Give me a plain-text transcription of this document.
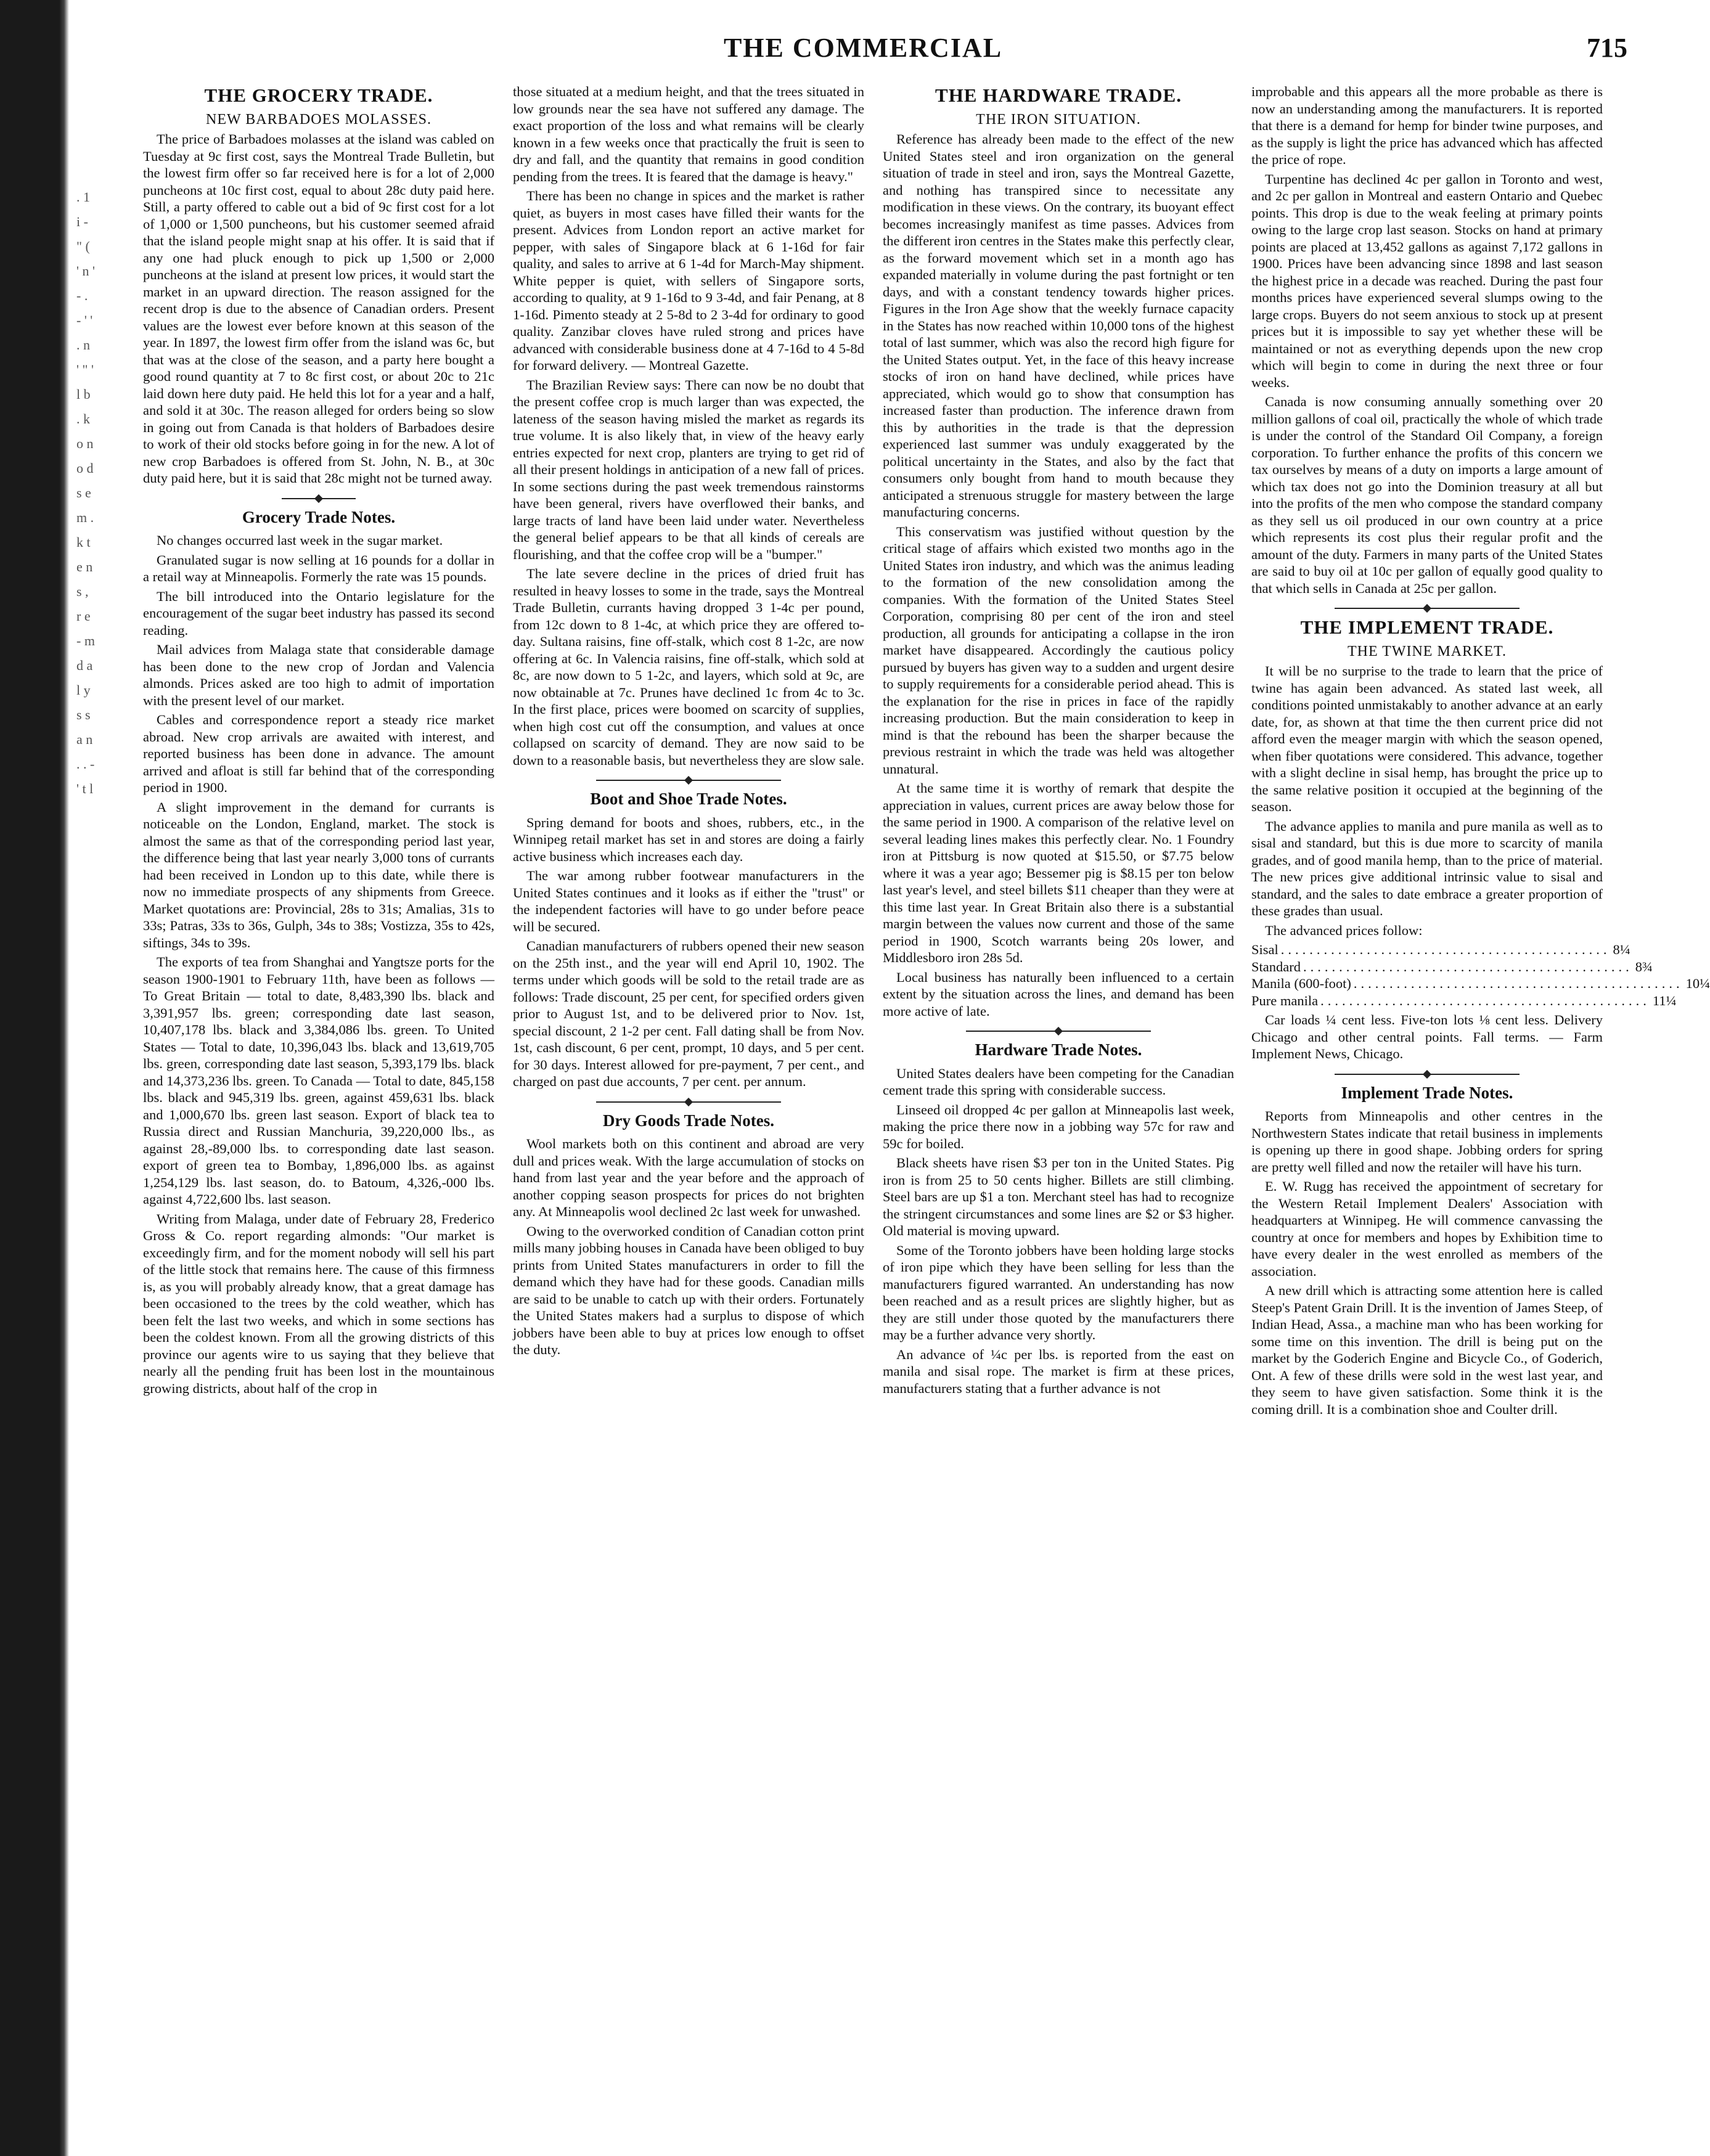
. 1 i - " ( ' n ' - . - ' ' . n ' " ' l b . k o n o d s e m . k t e n s , r e - m d a l y s s a n . . - ' t l
THE COMMERCIAL	715
THE GROCERY TRADE.
NEW BARBADOES MOLASSES.

The price of Barbadoes molasses at the island was cabled on Tuesday at 9c first cost, says the Montreal Trade Bulletin, but the lowest firm offer so far received here is for a lot of 2,000 puncheons at 10c first cost, equal to about 28c duty paid here. Still, a party offered to cable out a bid of 9c first cost for a lot of 1,000 or 1,500 puncheons, but his customer seemed afraid that the island people might snap at his offer. It is said that if any one had pluck enough to pick up 1,500 or 2,000 puncheons at the island at present low prices, it would start the market in an upward direction. The reason assigned for the recent drop is due to the absence of Canadian orders. Present values are the lowest ever before known at this season of the year. In 1897, the lowest firm offer from the island was 6c, but that was at the close of the season, and a party here bought a good round quantity at 7 to 8c first cost, or about 20c to 21c laid down here duty paid. He held this lot for a year and a half, and sold it at 30c. The reason alleged for orders being so slow in going out from Canada is that holders of Barbadoes desire to work of their old stocks before going in for the new. A lot of new crop Barbadoes is offered from St. John, N. B., at 30c duty paid here, but it is said that 28c might not be turned away.

Grocery Trade Notes.

No changes occurred last week in the sugar market.

Granulated sugar is now selling at 16 pounds for a dollar in a retail way at Minneapolis. Formerly the rate was 15 pounds.

The bill introduced into the Ontario legislature for the encouragement of the sugar beet industry has passed its second reading.

Mail advices from Malaga state that considerable damage has been done to the new crop of Jordan and Valencia almonds. Prices asked are too high to admit of importation with the present level of our market.

Cables and correspondence report a steady rice market abroad. New crop arrivals are awaited with interest, and reported business has been done in advance. The amount arrived and afloat is still far behind that of the corresponding period in 1900.

A slight improvement in the demand for currants is noticeable on the London, England, market. The stock is almost the same as that of the corresponding period last year, the difference being that last year nearly 3,000 tons of currants had been received in London up to this date, while there is now no immediate prospects of any shipments from Greece. Market quotations are: Provincial, 28s to 31s; Amalias, 31s to 33s; Patras, 33s to 36s, Gulph, 34s to 38s; Vostizza, 35s to 42s, siftings, 34s to 39s.

The exports of tea from Shanghai and Yangtsze ports for the season 1900-1901 to February 11th, have been as follows — To Great Britain — total to date, 8,483,390 lbs. black and 3,391,957 lbs. green; corresponding date last season, 10,407,178 lbs. black and 3,384,086 lbs. green. To United States — Total to date, 10,396,043 lbs. black and 13,619,705 lbs. green, corresponding date last season, 5,393,179 lbs. black and 14,373,236 lbs. green. To Canada — Total to date, 845,158 lbs. black and 945,319 lbs. green, against 459,631 lbs. black and 1,000,670 lbs. green last season. Export of black tea to Russia direct and Russian Manchuria, 39,220,000 lbs., as against 28,-89,000 lbs. to corresponding date last season. export of green tea to Bombay, 1,896,000 lbs. as against 1,254,129 lbs. last season, do. to Batoum, 4,326,-000 lbs. against 4,722,600 lbs. last season.

Writing from Malaga, under date of February 28, Frederico Gross & Co. report regarding almonds: "Our market is exceedingly firm, and for the moment nobody will sell his part of the little stock that remains here. The cause of this firmness is, as you will probably already know, that a great damage has been occasioned to the trees by the cold weather, which has been felt the last two weeks, and which in some sections has been the coldest known. From all the growing districts of this province our agents wire to us saying that they believe that nearly all the pending fruit has been lost in the mountainous growing districts, about half of the crop in

those situated at a medium height, and that the trees situated in low grounds near the sea have not suffered any damage. The exact proportion of the loss and what remains will be clearly known in a few weeks once that practically the fruit is seen to dry and fall, and the quantity that remains in good condition pending from the trees. It is feared that the damage is heavy."

There has been no change in spices and the market is rather quiet, as buyers in most cases have filled their wants for the present. Advices from London report an active market for pepper, with sales of Singapore black at 6 1-16d for fair quality, and sales to arrive at 6 1-4d for March-May shipment. White pepper is quiet, with sellers of Singapore sorts, according to quality, at 9 1-16d to 9 3-4d, and fair Penang, at 8 1-16d. Pimento steady at 2 5-8d to 2 3-4d for ordinary to good quality. Zanzibar cloves have ruled strong and prices have advanced with considerable business done at 4 7-16d to 4 5-8d for forward delivery. — Montreal Gazette.

The Brazilian Review says: There can now be no doubt that the present coffee crop is much larger than was expected, the lateness of the season having misled the market as regards its true volume. It is also likely that, in view of the heavy early entries expected for next crop, planters are trying to get rid of all their present holdings in anticipation of a new fall of prices. In some sections during the past week tremendous rainstorms have been general, rivers have overflowed their banks, and large tracts of land have been laid under water. Nevertheless the general belief appears to be that all kinds of cereals are flourishing, and that the coffee crop will be a "bumper."

The late severe decline in the prices of dried fruit has resulted in heavy losses to some in the trade, says the Montreal Trade Bulletin, currants having dropped 3 1-4c per pound, from 12c down to 8 1-4c, at which price they are offered to-day. Sultana raisins, fine off-stalk, which cost 8 1-2c, are now offering at 6c. In Valencia raisins, fine off-stalk, which sold at 8c, are now down to 5 1-2c, and layers, which sold at 9c, are now obtainable at 7c. Prunes have declined 1c from 4c to 3c. In the first place, prices were boomed on scarcity of supplies, when high cost cut off the consumption, and values at once collapsed on scarcity of demand. They are now said to be down to a reasonable basis, but nevertheless they are slow sale.

Boot and Shoe Trade Notes.

Spring demand for boots and shoes, rubbers, etc., in the Winnipeg retail market has set in and stores are doing a fairly active business which increases each day.

The war among rubber footwear manufacturers in the United States continues and it looks as if either the "trust" or the independent factories will have to go under before peace will be secured.

Canadian manufacturers of rubbers opened their new season on the 25th inst., and the year will end April 10, 1902. The terms under which goods will be sold to the retail trade are as follows: Trade discount, 25 per cent, for specified orders given prior to August 1st, and to be delivered prior to Nov. 1st, special discount, 2 1-2 per cent. Fall dating shall be from Nov. 1st, cash discount, 6 per cent, prompt, 10 days, and 5 per cent. for 30 days. Interest allowed for pre-payment, 7 per cent., and charged on past due accounts, 7 per cent. per annum.

Dry Goods Trade Notes.

Wool markets both on this continent and abroad are very dull and prices weak. With the large accumulation of stocks on hand from last year and the year before and the approach of another copping season prospects for prices do not brighten any. At Minneapolis wool declined 2c last week for unwashed.

Owing to the overworked condition of Canadian cotton print mills many jobbing houses in Canada have been obliged to buy prints from United States manufacturers in order to fill the demand which they have had for these goods. Canadian mills are said to be unable to catch up with their orders. Fortunately the United States makers had a surplus to dispose of which jobbers have been able to buy at prices low enough to offset the duty.

THE HARDWARE TRADE.
THE IRON SITUATION.

Reference has already been made to the effect of the new United States steel and iron organization on the general situation of trade in steel and iron, says the Montreal Gazette, and nothing has transpired since to necessitate any modification in these views. On the contrary, its buoyant effect becomes increasingly manifest as time passes. Advices from the different iron centres in the States make this perfectly clear, as the forward movement which set in a month ago has expanded materially in volume during the past fortnight or ten days, and with a constant tendency towards higher prices. Figures in the Iron Age show that the weekly furnace capacity in the States has now reached within 10,000 tons of the highest total of last summer, which was also the record high figure for the United States output. Yet, in the face of this heavy increase stocks of iron on hand have declined, while prices have appreciated, which would go to show that consumption has increased faster than production. The inference drawn from this by authorities in the trade is that the depression experienced last summer was unduly exaggerated by the political uncertainty in the States, and also by the fact that consumers only bought from hand to mouth because they anticipated a strenuous struggle for mastery between the large manufacturing concerns.

This conservatism was justified without question by the critical stage of affairs which existed two months ago in the United States iron industry, and which was the animus leading to the formation of the new consolidation among the companies. With the formation of the United States Steel Corporation, comprising 80 per cent of the iron and steel production, all grounds for anticipating a collapse in the iron market have disappeared. Accordingly the cautious policy pursued by buyers has given way to a sudden and urgent desire to supply requirements for a considerable period ahead. This is the explanation for the rise in prices in face of the rapidly increasing production. But the main consideration to keep in mind is that the rebound has been the sharper because the previous restraint in which the trade was held was altogether unnatural.

At the same time it is worthy of remark that despite the appreciation in values, current prices are away below those for the same period in 1900. A comparison of the relative level on several leading lines makes this perfectly clear. No. 1 Foundry iron at Pittsburg is now quoted at $15.50, or $7.75 below where it was a year ago; Bessemer pig is $8.15 per ton below last year's level, and steel billets $11 cheaper than they were at this time last year. In Great Britain also there is a substantial margin between the values now current and those of the same period in 1900, Scotch warrants being 20s lower, and Middlesboro iron 28s 5d.

Local business has naturally been influenced to a certain extent by the situation across the lines, and demand has been more active of late.

Hardware Trade Notes.

United States dealers have been competing for the Canadian cement trade this spring with considerable success.

Linseed oil dropped 4c per gallon at Minneapolis last week, making the price there now in a jobbing way 57c for raw and 59c for boiled.

Black sheets have risen $3 per ton in the United States. Pig iron is from 25 to 50 cents higher. Billets are still climbing. Steel bars are up $1 a ton. Merchant steel has had to recognize the stringent circumstances and some lines are $2 or $3 higher. Old material is moving upward.

Some of the Toronto jobbers have been holding large stocks of iron pipe which they have been selling for less than the manufacturers figured warranted. An understanding has now been reached and as a result prices are slightly higher, but as they are still under those quoted by the manufacturers there may be a further advance very shortly.

An advance of ¼c per lbs. is reported from the east on manila and sisal rope. The market is firm at these prices, manufacturers stating that a further advance is not

improbable and this appears all the more probable as there is now an understanding among the manufacturers. It is reported that there is a demand for hemp for binder twine purposes, and as the supply is light the price has advanced which has affected the price of rope.

Turpentine has declined 4c per gallon in Toronto and west, and 2c per gallon in Montreal and eastern Ontario and Quebec points. This drop is due to the weak feeling at primary points owing to the large crop last season. Stocks on hand at primary points are placed at 13,452 gallons as against 7,172 gallons in 1900. Prices have been advancing since 1898 and last season the highest price in a decade was reached. During the past four months prices have experienced several slumps owing to the large crops. Buyers do not seem anxious to stock up at present prices but it is impossible to say yet whether these will be maintained or not as everything depends upon the new crop which will begin to come in during the next three or four weeks.

Canada is now consuming annually something over 20 million gallons of coal oil, practically the whole of which trade is under the control of the Standard Oil Company, a foreign corporation. To further enhance the profits of this concern we tax ourselves by means of a duty on imports a large amount of which tax does not go into the Dominion treasury at all but into the profits of the men who compose the standard company as they sell us oil produced in our own country at a price which represents its cost plus their regular profit and the amount of the duty. Farmers in many parts of the United States are said to buy oil at 10c per gallon of equally good quality to that which sells in Canada at 25c per gallon.

THE IMPLEMENT TRADE.
THE TWINE MARKET.

It will be no surprise to the trade to learn that the price of twine has again been advanced. As stated last week, all conditions pointed unmistakably to another advance at an early date, for, as shown at that time the then current price did not afford even the meager margin with which the season opened, when fiber quotations were considered. This advance, together with a slight decline in sisal hemp, has brought the price up to the same relative position it occupied at the beginning of the season.

The advance applies to manila and pure manila as well as to sisal and standard, but this is due more to scarcity of manila grades, and of good manila hemp, than to the price of material. The new prices give additional intrinsic value to sisal and standard, and the sales to date embrace a greater proportion of these grades than usual.

The advanced prices follow:

Sisal .............................................. 8¼
Standard .............................................. 8¾
Manila (600-foot) .............................................. 10¼
Pure manila .............................................. 11¼

Car loads ¼ cent less. Five-ton lots ⅛ cent less. Delivery Chicago and other central points. Fall terms. — Farm Implement News, Chicago.

Implement Trade Notes.

Reports from Minneapolis and other centres in the Northwestern States indicate that retail business in implements is opening up there in good shape. Jobbing orders for spring are pretty well filled and now the retailer will have his turn.

E. W. Rugg has received the appointment of secretary for the Western Retail Implement Dealers' Association with headquarters at Winnipeg. He will commence canvassing the country at once for members and hopes by Exhibition time to have every dealer in the west enrolled as members of the association.

A new drill which is attracting some attention here is called Steep's Patent Grain Drill. It is the invention of James Steep, of Indian Head, Assa., a machine man who has been working for some time on this invention. The drill is being put on the market by the Goderich Engine and Bicycle Co., of Goderich, Ont. A few of these drills were sold in the west last year, and they seem to have given satisfaction. Some think it is the coming drill. It is a combination shoe and Coulter drill.
